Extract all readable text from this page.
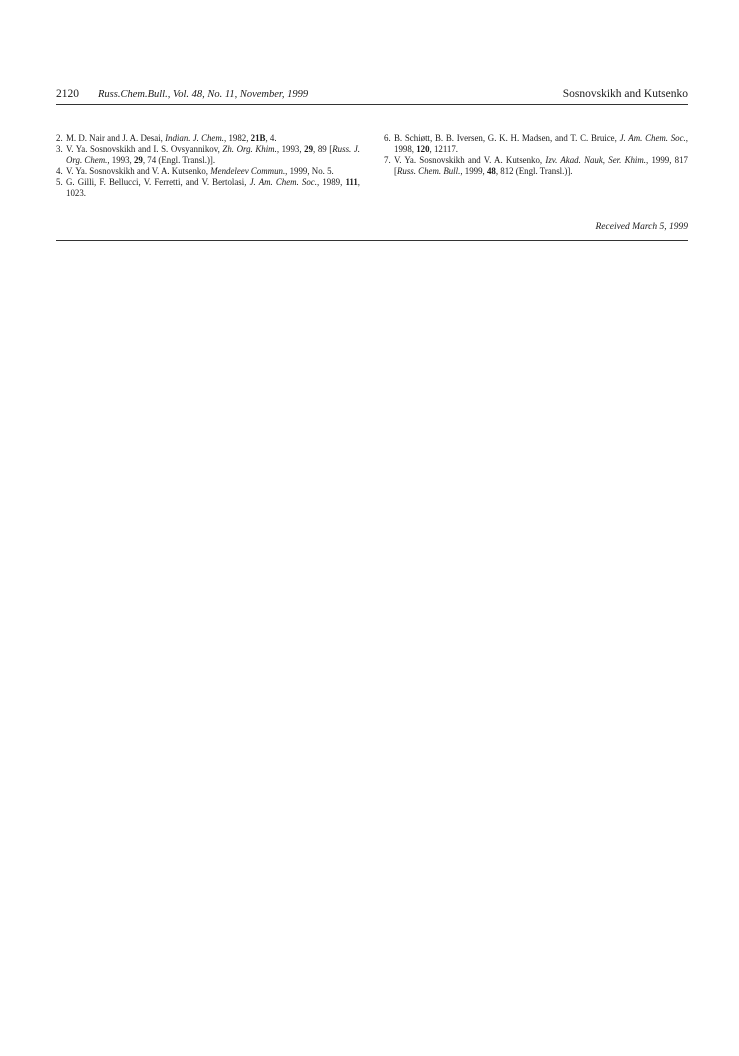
2120	Russ.Chem.Bull., Vol. 48, No. 11, November, 1999	Sosnovskikh and Kutsenko
2. M. D. Nair and J. A. Desai, Indian. J. Chem., 1982, 21B, 4.
3. V. Ya. Sosnovskikh and I. S. Ovsyannikov, Zh. Org. Khim., 1993, 29, 89 [Russ. J. Org. Chem., 1993, 29, 74 (Engl. Transl.)].
4. V. Ya. Sosnovskikh and V. A. Kutsenko, Mendeleev Commun., 1999, No. 5.
5. G. Gilli, F. Bellucci, V. Ferretti, and V. Bertolasi, J. Am. Chem. Soc., 1989, 111, 1023.
6. B. Schiøtt, B. B. Iversen, G. K. H. Madsen, and T. C. Bruice, J. Am. Chem. Soc., 1998, 120, 12117.
7. V. Ya. Sosnovskikh and V. A. Kutsenko, Izv. Akad. Nauk, Ser. Khim., 1999, 817 [Russ. Chem. Bull., 1999, 48, 812 (Engl. Transl.)].
Received March 5, 1999
